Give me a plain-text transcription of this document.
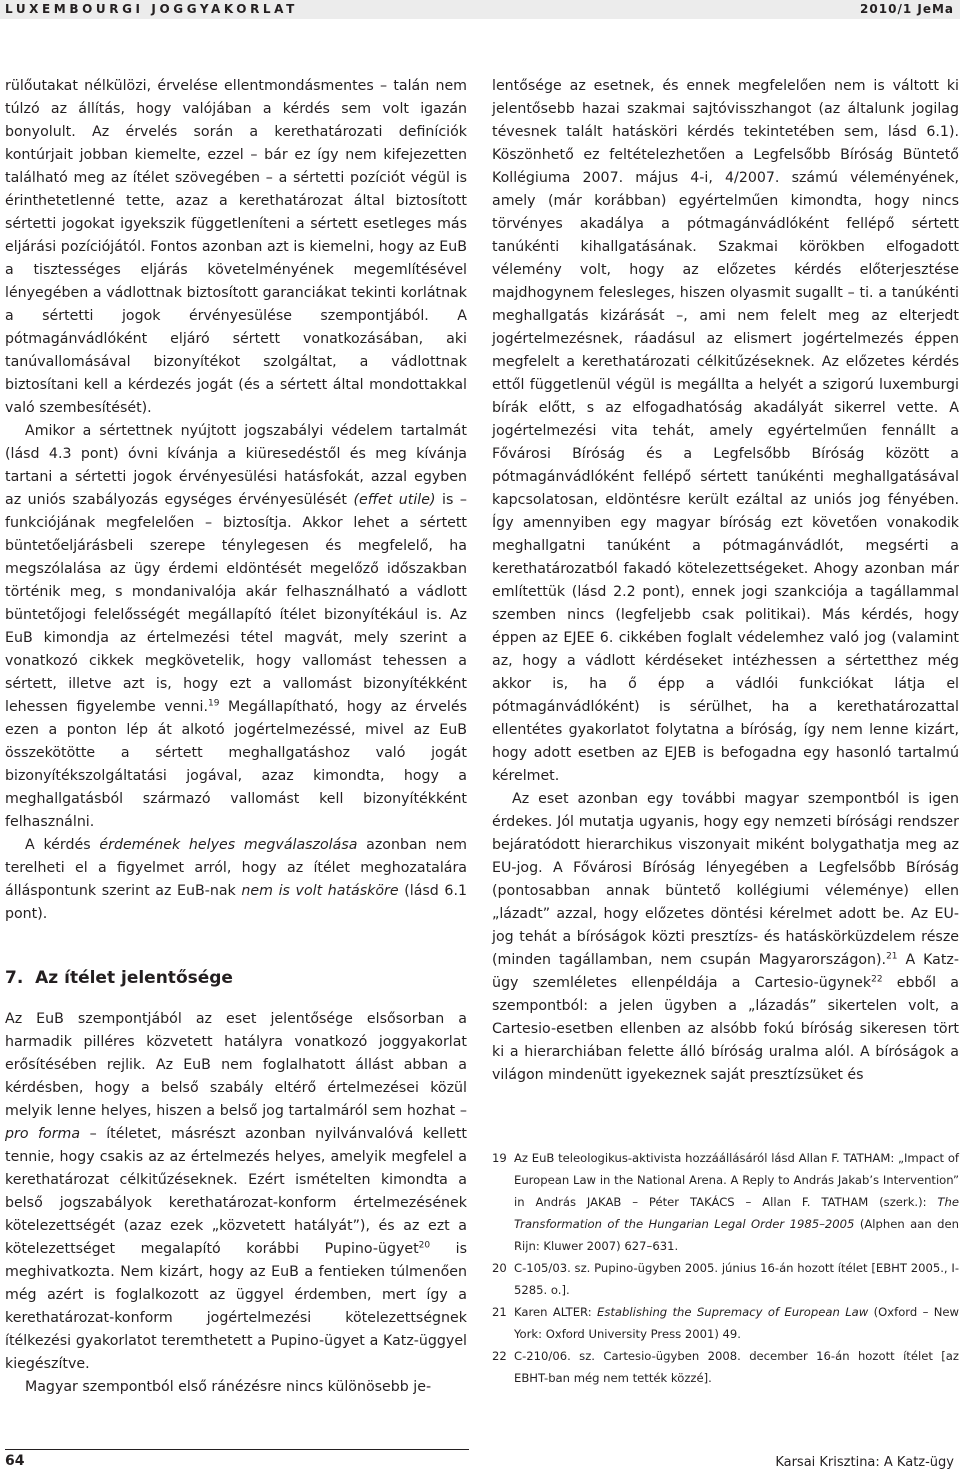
LUXEMBOURGI JOGGYAKORLAT	2010/1 JeMa

rülőutakat nélkülözi, érvelése ellentmondásmentes – talán nem túlzó az állítás, hogy valójában a kérdés sem volt igazán bonyolult. Az érvelés során a kerethatározati definíciók kontúrjait jobban kiemelte, ezzel – bár ez így nem kifejezetten található meg az ítélet szövegében – a sértetti pozíciót végül is érinthetetlenné tette, azaz a kerethatározat által biztosított sértetti jogokat igyekszik függetleníteni a sértett esetleges más eljárási pozíciójától. Fontos azonban azt is kiemelni, hogy az EuB a tisztességes eljárás követelményének megemlítésével lényegében a vádlottnak biztosított garanciákat tekinti korlátnak a sértetti jogok érvényesülése szempontjából. A pótmagánvádlóként eljáró sértett vonatkozásában, aki tanúvallomásával bizonyítékot szolgáltat, a vádlottnak biztosítani kell a kérdezés jogát (és a sértett által mondottakkal való szembesítését).

Amikor a sértettnek nyújtott jogszabályi védelem tartalmát (lásd 4.3 pont) óvni kívánja a kiüresedéstől és meg kívánja tartani a sértetti jogok érvényesülési hatásfokát, azzal egyben az uniós szabályozás egységes érvényesülését (effet utile) is – funkciójának megfelelően – biztosítja. Akkor lehet a sértett büntetőeljárásbeli szerepe ténylegesen és megfelelő, ha megszólalása az ügy érdemi eldöntését megelőző időszakban történik meg, s mondanivalója akár felhasználható a vádlott büntetőjogi felelősségét megállapító ítélet bizonyítékául is. Az EuB kimondja az értelmezési tétel magvát, mely szerint a vonatkozó cikkek megkövetelik, hogy vallomást tehessen a sértett, illetve azt is, hogy ezt a vallomást bizonyítékként lehessen figyelembe venni.$^{19}$ Megállapítható, hogy az érvelés ezen a ponton lép át alkotó jogértelmezéssé, mivel az EuB összekötötte a sértett meghallgatáshoz való jogát bizonyítékszolgáltatási jogával, azaz kimondta, hogy a meghallgatásból származó vallomást kell bizonyítékként felhasználni.

A kérdés érdemének helyes megválaszolása azonban nem terelheti el a figyelmet arról, hogy az ítélet meghozatalára álláspontunk szerint az EuB-nak nem is volt hatásköre (lásd 6.1 pont).

7. Az ítélet jelentősége

Az EuB szempontjából az eset jelentősége elsősorban a harmadik pilléres közvetett hatályra vonatkozó joggyakorlat erősítésében rejlik. Az EuB nem foglalhatott állást abban a kérdésben, hogy a belső szabály eltérő értelmezései közül melyik lenne helyes, hiszen a belső jog tartalmáról sem hozhat – pro forma – ítéletet, másrészt azonban nyilvánvalóvá kellett tennie, hogy csakis az az értelmezés helyes, amelyik megfelel a kerethatározat célkitűzéseknek. Ezért ismételten kimondta a belső jogszabályok kerethatározat-konform értelmezésének kötelezettségét (azaz ezek „közvetett hatályát”), és az ezt a kötelezettséget megalapító korábbi Pupino-ügyet$^{20}$ is meghivatkozta. Nem kizárt, hogy az EuB a fentieken túlmenően még azért is foglalkozott az üggyel érdemben, mert így a kerethatározat-konform jogértelmezési kötelezettségnek ítélkezési gyakorlatot teremthetett a Pupino-ügyet a Katz-üggyel kiegészítve.

Magyar szempontból első ránézésre nincs különösebb je-

lentősége az esetnek, és ennek megfelelően nem is váltott ki jelentősebb hazai szakmai sajtóvisszhangot (az általunk jogilag tévesnek talált hatásköri kérdés tekintetében sem, lásd 6.1). Köszönhető ez feltételezhetően a Legfelsőbb Bíróság Büntető Kollégiuma 2007. május 4-i, 4/2007. számú véleményének, amely (már korábban) egyértelműen kimondta, hogy nincs törvényes akadálya a pótmagánvádlóként fellépő sértett tanúkénti kihallgatásának. Szakmai körökben elfogadott vélemény volt, hogy az előzetes kérdés előterjesztése majdhogynem felesleges, hiszen olyasmit sugallt – ti. a tanúkénti meghallgatás kizárását –, ami nem felelt meg az elterjedt jogértelmezésnek, ráadásul az elismert jogértelmezés éppen megfelelt a kerethatározati célkitűzéseknek. Az előzetes kérdés ettől függetlenül végül is megállta a helyét a szigorú luxemburgi bírák előtt, s az elfogadhatóság akadályát sikerrel vette. A jogértelmezési vita tehát, amely egyértelműen fennállt a Fővárosi Bíróság és a Legfelsőbb Bíróság között a pótmagánvádlóként fellépő sértett tanúkénti meghallgatásával kapcsolatosan, eldöntésre került ezáltal az uniós jog fényében. Így amennyiben egy magyar bíróság ezt követően vonakodik meghallgatni tanúként a pótmagánvádlót, megsérti a kerethatározatból fakadó kötelezettségeket. Ahogy azonban már említettük (lásd 2.2 pont), ennek jogi szankciója a tagállammal szemben nincs (legfeljebb csak politikai). Más kérdés, hogy éppen az EJEE 6. cikkében foglalt védelemhez való jog (valamint az, hogy a vádlott kérdéseket intézhessen a sértetthez még akkor is, ha ő épp a vádlói funkciókat látja el pótmagánvádlóként) is sérülhet, ha a kerethatározattal ellentétes gyakorlatot folytatna a bíróság, így nem lenne kizárt, hogy adott esetben az EJEB is befogadna egy hasonló tartalmú kérelmet.

Az eset azonban egy további magyar szempontból is igen érdekes. Jól mutatja ugyanis, hogy egy nemzeti bírósági rendszer bejáratódott hierarchikus viszonyait miként bolygathatja meg az EU-jog. A Fővárosi Bíróság lényegében a Legfelsőbb Bíróság (pontosabban annak büntető kollégiumi véleménye) ellen „lázadt” azzal, hogy előzetes döntési kérelmet adott be. Az EU-jog tehát a bíróságok közti presztízs- és hatáskörküzdelem része (minden tagállamban, nem csupán Magyarországon).$^{21}$ A Katz-ügy szemléletes ellenpéldája a Cartesio-ügynek$^{22}$ ebből a szempontból: a jelen ügyben a „lázadás” sikertelen volt, a Cartesio-esetben ellenben az alsóbb fokú bíróság sikeresen tört ki a hierarchiában felette álló bíróság uralma alól. A bíróságok a világon mindenütt igyekeznek saját presztízsüket és

19 Az EuB teleologikus-aktivista hozzáállásáról lásd Allan F. TATHAM: „Impact of European Law in the National Arena. A Reply to András Jakab’s Intervention” in András JAKAB – Péter TAKÁCS – Allan F. TATHAM (szerk.): The Transformation of the Hungarian Legal Order 1985–2005 (Alphen aan den Rijn: Kluwer 2007) 627–631.
20 C-105/03. sz. Pupino-ügyben 2005. június 16-án hozott ítélet [EBHT 2005., I-5285. o.].
21 Karen ALTER: Establishing the Supremacy of European Law (Oxford – New York: Oxford University Press 2001) 49.
22 C-210/06. sz. Cartesio-ügyben 2008. december 16-án hozott ítélet [az EBHT-ban még nem tették közzé].
64	Karsai Krisztina: A Katz-ügy
